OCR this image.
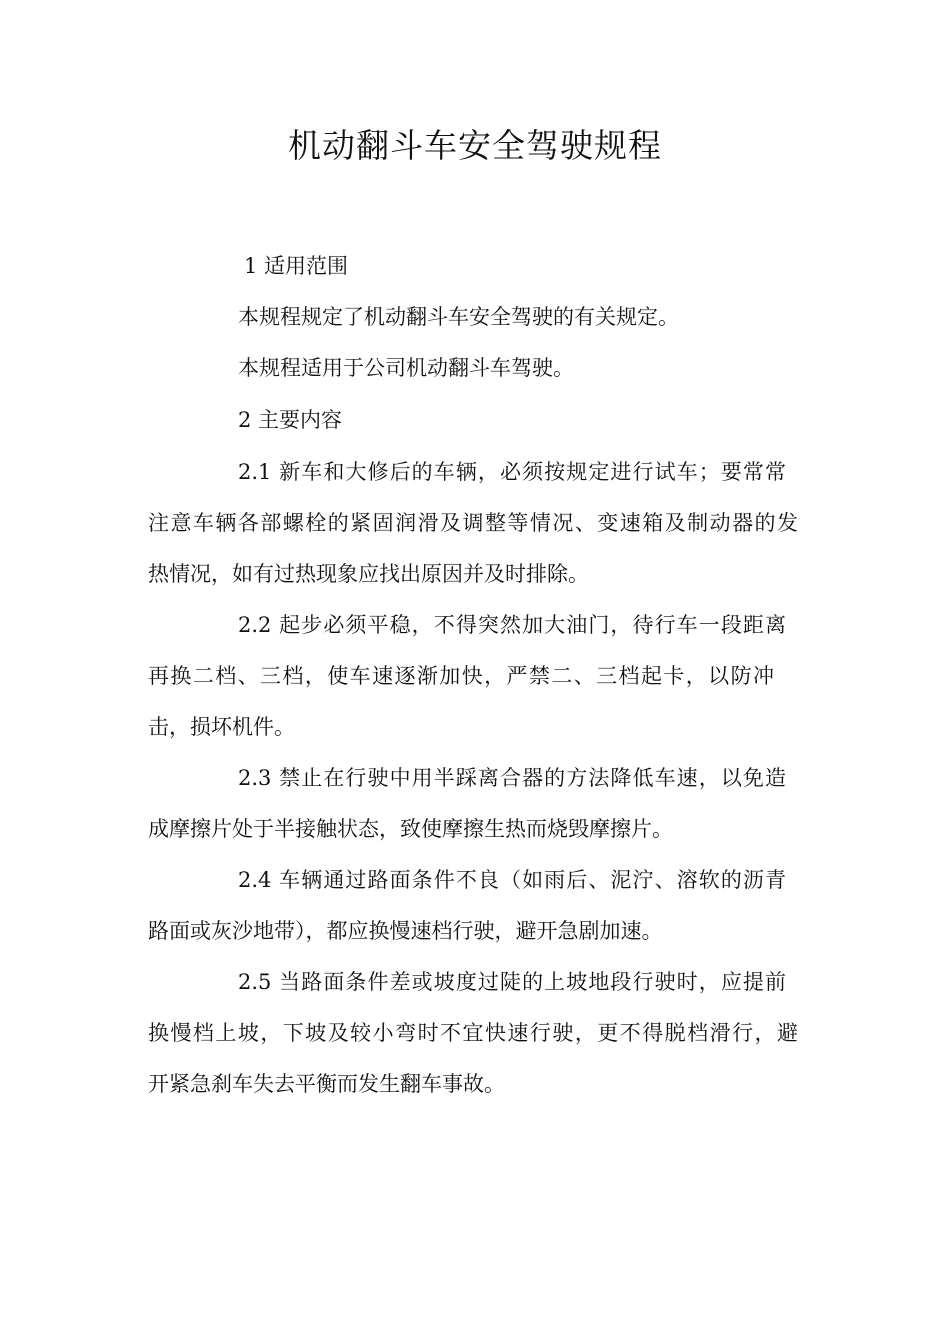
机动翻斗车安全驾驶规程

1 适用范围

本规程规定了机动翻斗车安全驾驶的有关规定。

本规程适用于公司机动翻斗车驾驶。

2 主要内容

2.1 新车和大修后的车辆，必须按规定进行试车；要常常

注意车辆各部螺栓的紧固润滑及调整等情况、变速箱及制动器的发

热情况，如有过热现象应找出原因并及时排除。

2.2 起步必须平稳，不得突然加大油门，待行车一段距离

再换二档、三档，使车速逐渐加快，严禁二、三档起卡，以防冲

击，损坏机件。

2.3 禁止在行驶中用半踩离合器的方法降低车速，以免造

成摩擦片处于半接触状态，致使摩擦生热而烧毁摩擦片。

2.4 车辆通过路面条件不良（如雨后、泥泞、溶软的沥青

路面或灰沙地带），都应换慢速档行驶，避开急剧加速。

2.5 当路面条件差或坡度过陡的上坡地段行驶时，应提前

换慢档上坡，下坡及较小弯时不宜快速行驶，更不得脱档滑行，避

开紧急刹车失去平衡而发生翻车事故。
